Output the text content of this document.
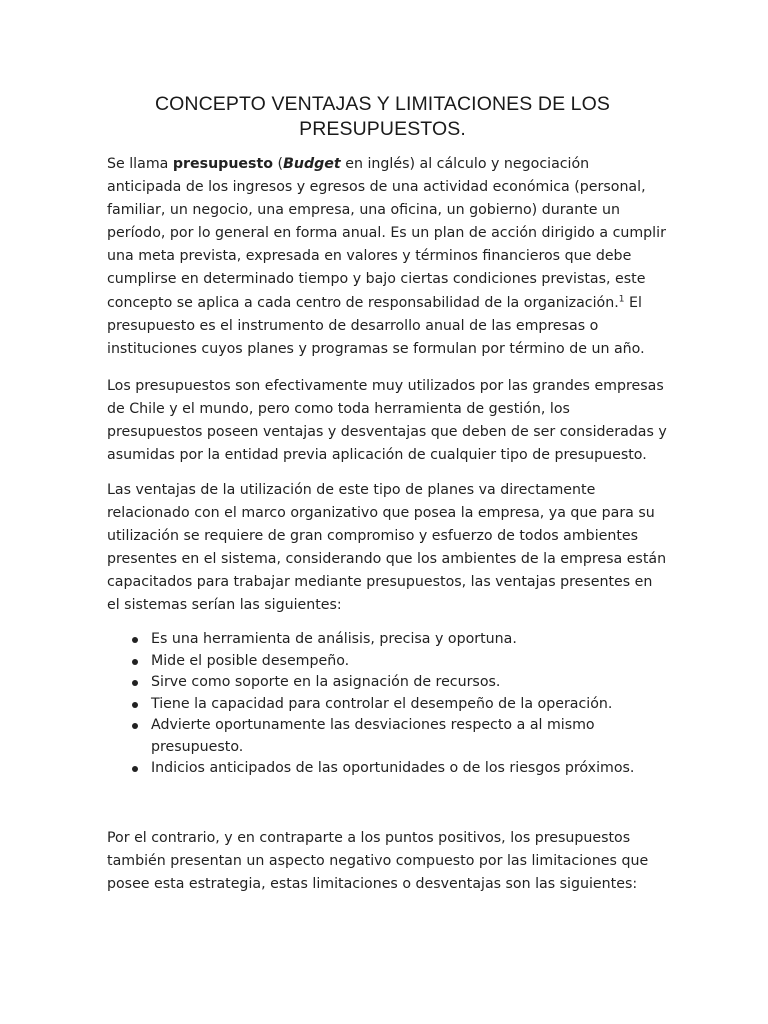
CONCEPTO VENTAJAS Y LIMITACIONES DE LOS PRESUPUESTOS.

Se llama presupuesto (Budget en inglés) al cálculo y negociación anticipada de los ingresos y egresos de una actividad económica (personal, familiar, un negocio, una empresa, una oficina, un gobierno) durante un período, por lo general en forma anual. Es un plan de acción dirigido a cumplir una meta prevista, expresada en valores y términos financieros que debe cumplirse en determinado tiempo y bajo ciertas condiciones previstas, este concepto se aplica a cada centro de responsabilidad de la organización.$^1$ El presupuesto es el instrumento de desarrollo anual de las empresas o instituciones cuyos planes y programas se formulan por término de un año.

Los presupuestos son efectivamente muy utilizados por las grandes empresas de Chile y el mundo, pero como toda herramienta de gestión, los presupuestos poseen ventajas y desventajas que deben de ser consideradas y asumidas por la entidad previa aplicación de cualquier tipo de presupuesto.

Las ventajas de la utilización de este tipo de planes va directamente relacionado con el marco organizativo que posea la empresa, ya que para su utilización se requiere de gran compromiso y esfuerzo de todos ambientes presentes en el sistema, considerando que los ambientes de la empresa están capacitados para trabajar mediante presupuestos, las ventajas presentes en el sistemas serían las siguientes:

Es una herramienta de análisis, precisa y oportuna.
Mide el posible desempeño.
Sirve como soporte en la asignación de recursos.
Tiene la capacidad para controlar el desempeño de la operación.
Advierte oportunamente las desviaciones respecto a al mismo presupuesto.
Indicios anticipados de las oportunidades o de los riesgos próximos.

Por el contrario, y en contraparte a los puntos positivos, los presupuestos también presentan un aspecto negativo compuesto por las limitaciones que posee esta estrategia, estas limitaciones o desventajas son las siguientes:
